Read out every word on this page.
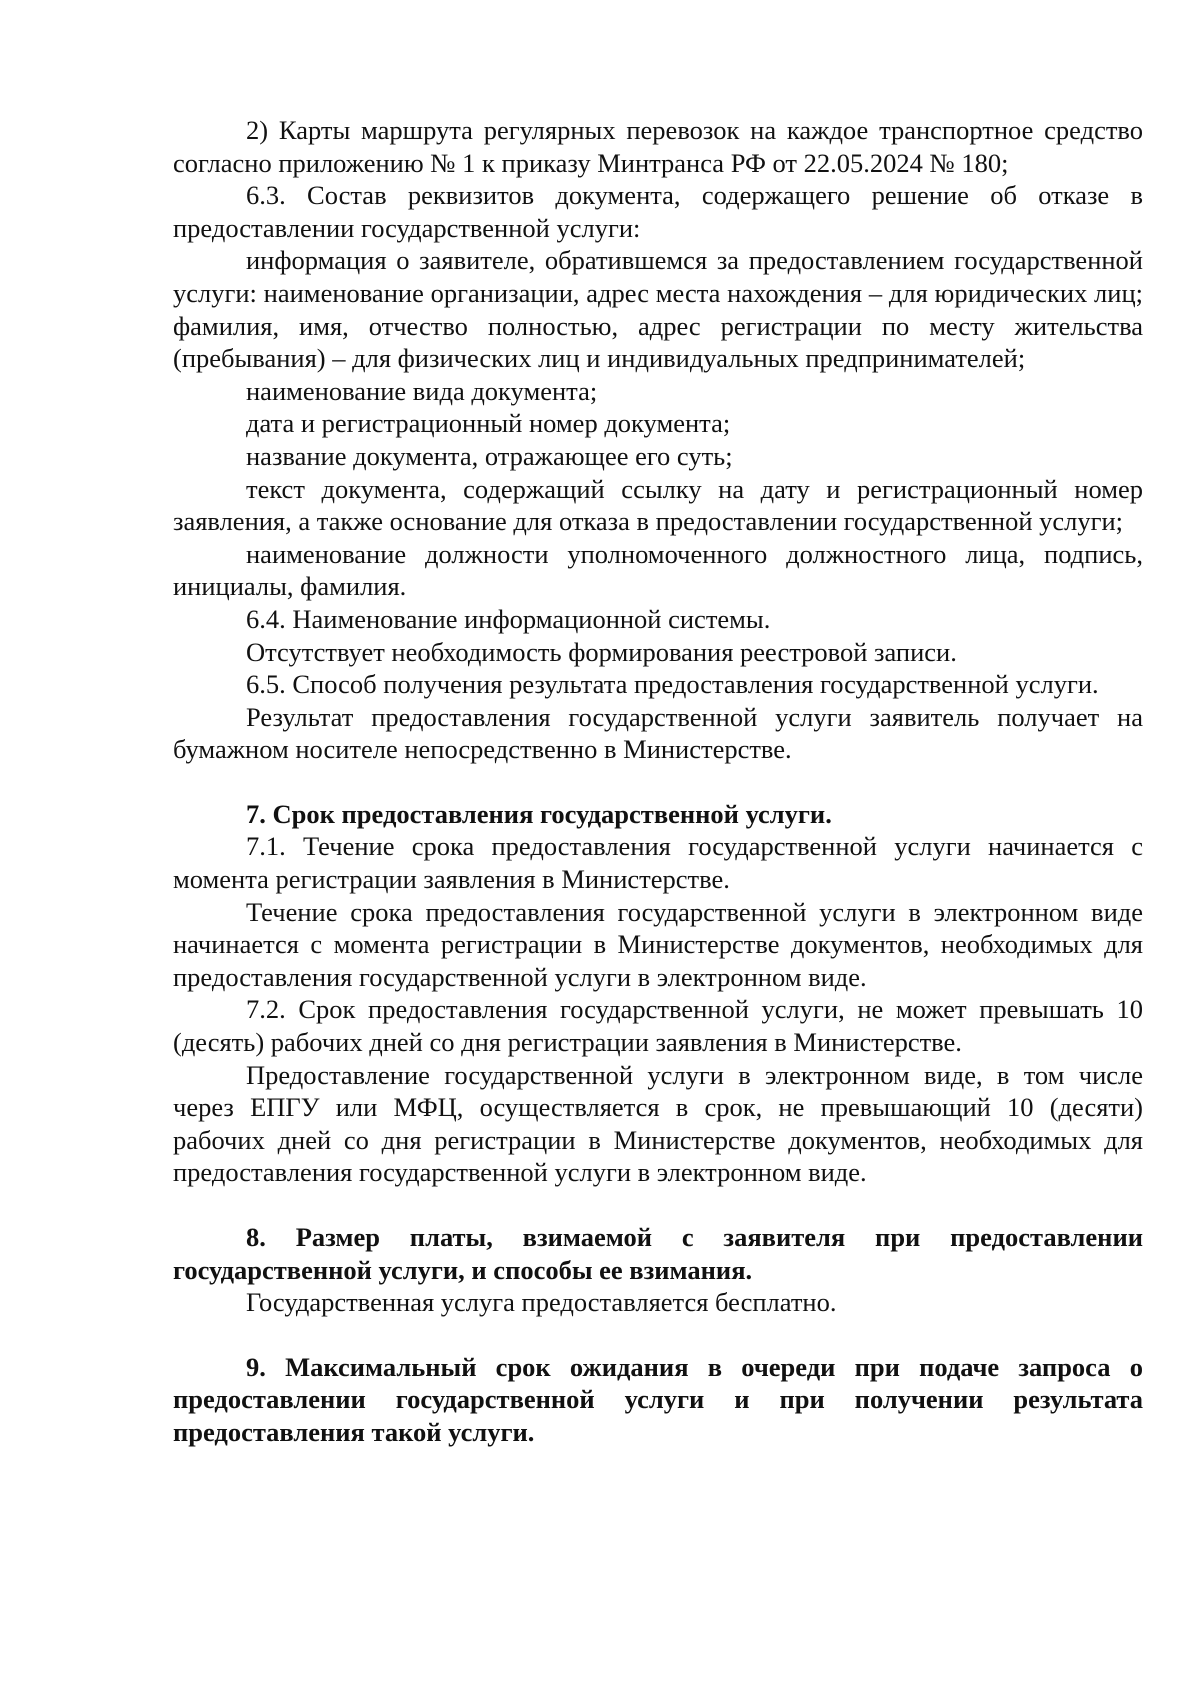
2) Карты маршрута регулярных перевозок на каждое транспортное средство согласно приложению № 1 к приказу Минтранса РФ от 22.05.2024 № 180;

6.3. Состав реквизитов документа, содержащего решение об отказе в предоставлении государственной услуги:

информация о заявителе, обратившемся за предоставлением государственной услуги: наименование организации, адрес места нахождения – для юридических лиц; фамилия, имя, отчество полностью, адрес регистрации по месту жительства (пребывания) – для физических лиц и индивидуальных предпринимателей;

наименование вида документа;

дата и регистрационный номер документа;

название документа, отражающее его суть;

текст документа, содержащий ссылку на дату и регистрационный номер заявления, а также основание для отказа в предоставлении государственной услуги;

наименование должности уполномоченного должностного лица, подпись, инициалы, фамилия.

6.4. Наименование информационной системы.

Отсутствует необходимость формирования реестровой записи.

6.5. Способ получения результата предоставления государственной услуги.

Результат предоставления государственной услуги заявитель получает на бумажном носителе непосредственно в Министерстве.

7. Срок предоставления государственной услуги.

7.1. Течение срока предоставления государственной услуги начинается с момента регистрации заявления в Министерстве.

Течение срока предоставления государственной услуги в электронном виде начинается с момента регистрации в Министерстве документов, необходимых для предоставления государственной услуги в электронном виде.

7.2. Срок предоставления государственной услуги, не может превышать 10 (десять) рабочих дней со дня регистрации заявления в Министерстве.

Предоставление государственной услуги в электронном виде, в том числе через ЕПГУ или МФЦ, осуществляется в срок, не превышающий 10 (десяти) рабочих дней со дня регистрации в Министерстве документов, необходимых для предоставления государственной услуги в электронном виде.

8. Размер платы, взимаемой с заявителя при предоставлении государственной услуги, и способы ее взимания.

Государственная услуга предоставляется бесплатно.

9. Максимальный срок ожидания в очереди при подаче запроса о предоставлении государственной услуги и при получении результата предоставления такой услуги.
